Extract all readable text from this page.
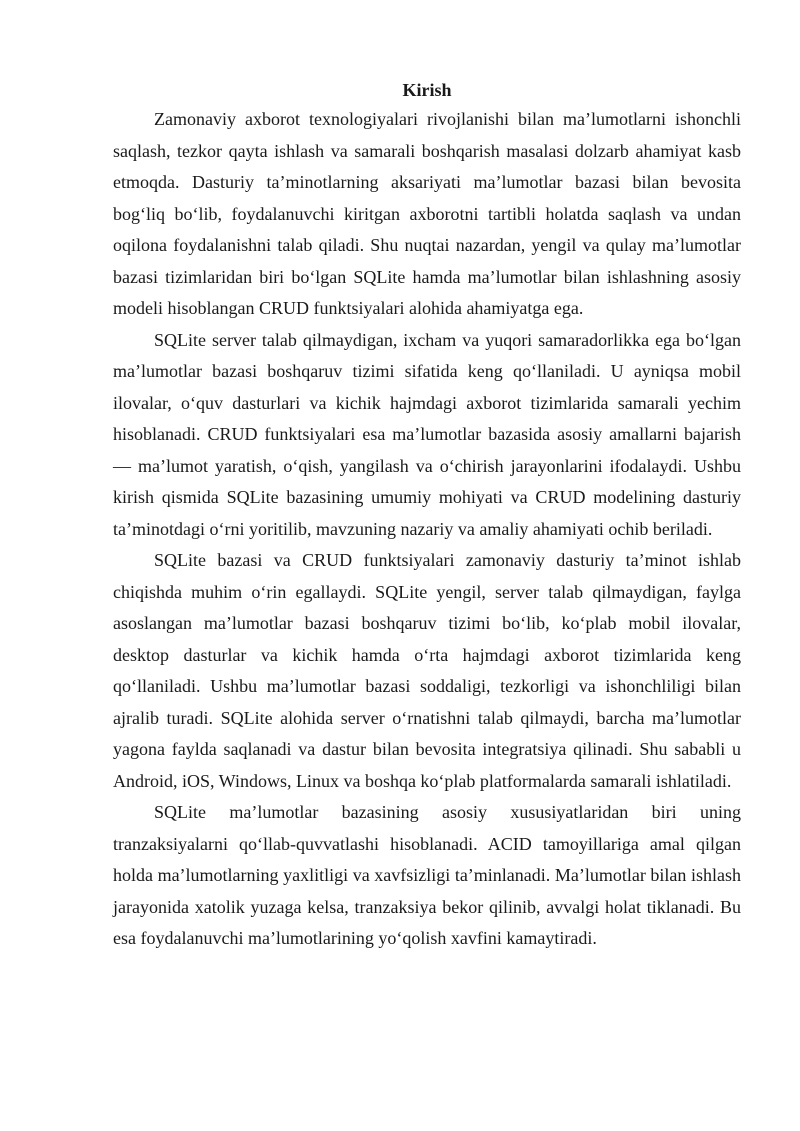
Kirish

Zamonaviy axborot texnologiyalari rivojlanishi bilan maʼlumotlarni ishonchli saqlash, tezkor qayta ishlash va samarali boshqarish masalasi dolzarb ahamiyat kasb etmoqda. Dasturiy taʼminotlarning aksariyati maʼlumotlar bazasi bilan bevosita bogʻliq boʻlib, foydalanuvchi kiritgan axborotni tartibli holatda saqlash va undan oqilona foydalanishni talab qiladi. Shu nuqtai nazardan, yengil va qulay maʼlumotlar bazasi tizimlaridan biri boʻlgan SQLite hamda maʼlumotlar bilan ishlashning asosiy modeli hisoblangan CRUD funktsiyalari alohida ahamiyatga ega.

SQLite server talab qilmaydigan, ixcham va yuqori samaradorlikka ega boʻlgan maʼlumotlar bazasi boshqaruv tizimi sifatida keng qoʻllaniladi. U ayniqsa mobil ilovalar, oʻquv dasturlari va kichik hajmdagi axborot tizimlarida samarali yechim hisoblanadi. CRUD funktsiyalari esa maʼlumotlar bazasida asosiy amallarni bajarish — maʼlumot yaratish, oʻqish, yangilash va oʻchirish jarayonlarini ifodalaydi. Ushbu kirish qismida SQLite bazasining umumiy mohiyati va CRUD modelining dasturiy taʼminotdagi oʻrni yoritilib, mavzuning nazariy va amaliy ahamiyati ochib beriladi.

SQLite bazasi va CRUD funktsiyalari zamonaviy dasturiy taʼminot ishlab chiqishda muhim oʻrin egallaydi. SQLite yengil, server talab qilmaydigan, faylga asoslangan maʼlumotlar bazasi boshqaruv tizimi boʻlib, koʻplab mobil ilovalar, desktop dasturlar va kichik hamda oʻrta hajmdagi axborot tizimlarida keng qoʻllaniladi. Ushbu maʼlumotlar bazasi soddaligi, tezkorligi va ishonchliligi bilan ajralib turadi. SQLite alohida server oʻrnatishni talab qilmaydi, barcha maʼlumotlar yagona faylda saqlanadi va dastur bilan bevosita integratsiya qilinadi. Shu sababli u Android, iOS, Windows, Linux va boshqa koʻplab platformalarda samarali ishlatiladi.

SQLite maʼlumotlar bazasining asosiy xususiyatlaridan biri uning tranzaksiyalarni qoʻllab-quvvatlashi hisoblanadi. ACID tamoyillariga amal qilgan holda maʼlumotlarning yaxlitligi va xavfsizligi taʼminlanadi. Maʼlumotlar bilan ishlash jarayonida xatolik yuzaga kelsa, tranzaksiya bekor qilinib, avvalgi holat tiklanadi. Bu esa foydalanuvchi maʼlumotlarining yoʻqolish xavfini kamaytiradi.
